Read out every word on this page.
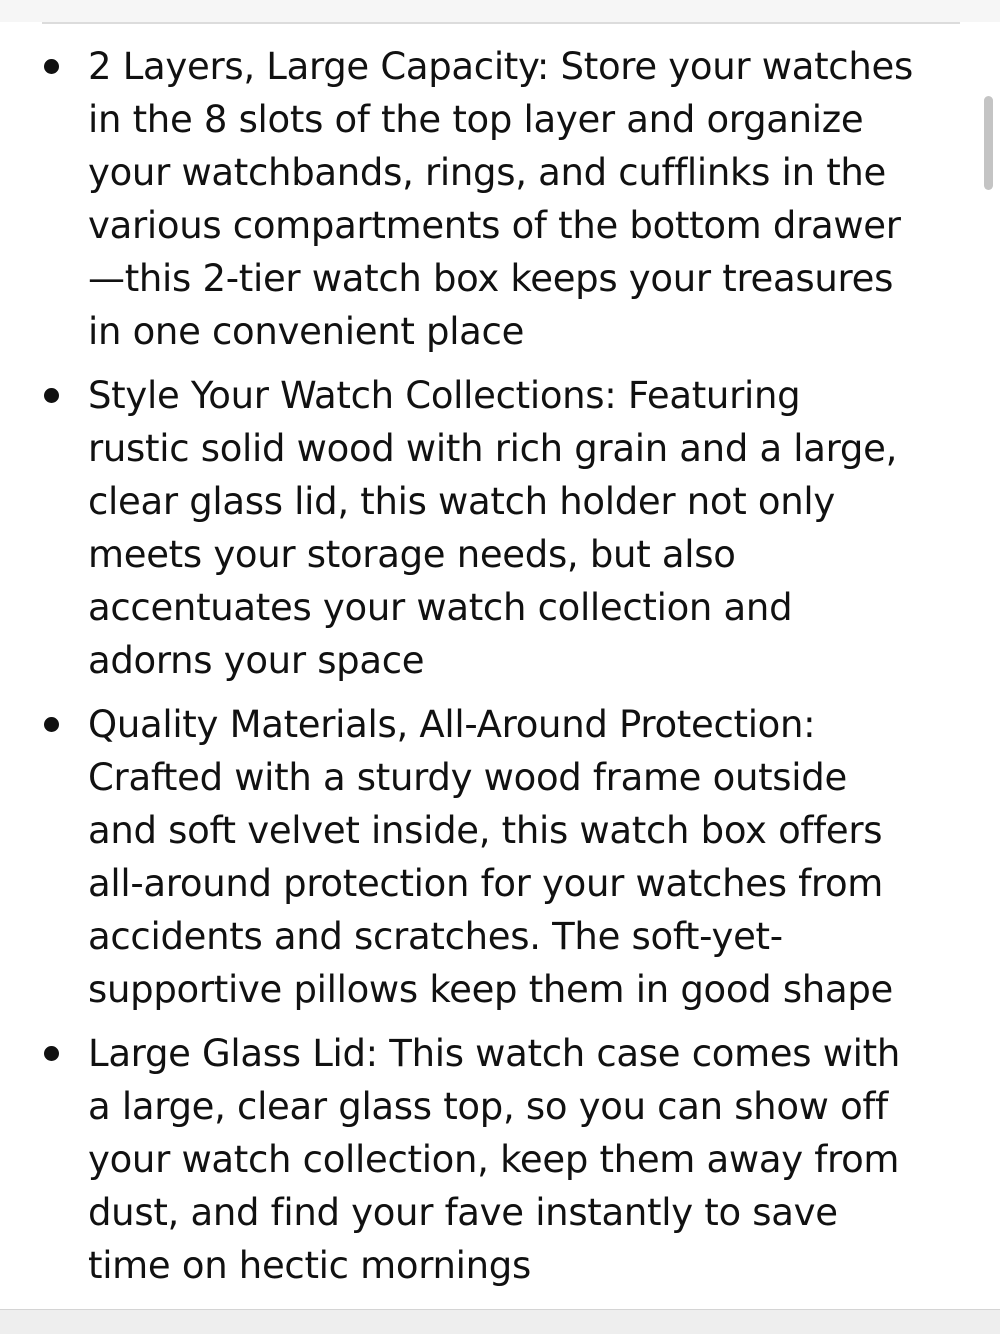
2 Layers, Large Capacity: Store your watches
in the 8 slots of the top layer and organize
your watchbands, rings, and cufflinks in the
various compartments of the bottom drawer
—this 2-tier watch box keeps your treasures
in one convenient place
Style Your Watch Collections: Featuring
rustic solid wood with rich grain and a large,
clear glass lid, this watch holder not only
meets your storage needs, but also
accentuates your watch collection and
adorns your space
Quality Materials, All-Around Protection:
Crafted with a sturdy wood frame outside
and soft velvet inside, this watch box offers
all-around protection for your watches from
accidents and scratches. The soft-yet-
supportive pillows keep them in good shape
Large Glass Lid: This watch case comes with
a large, clear glass top, so you can show off
your watch collection, keep them away from
dust, and find your fave instantly to save
time on hectic mornings
